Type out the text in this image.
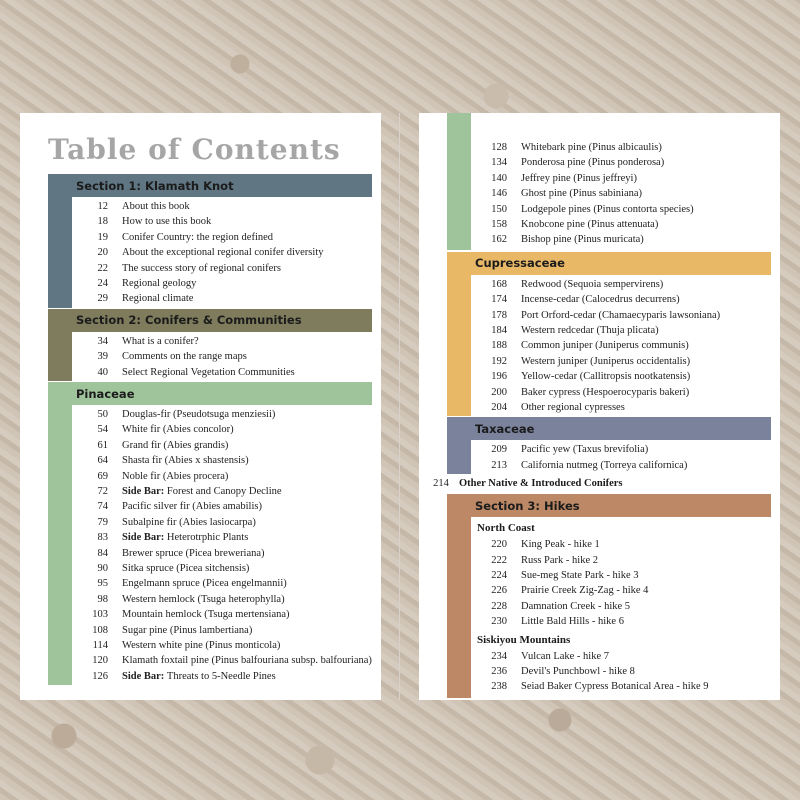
Table of Contents
Section 1: Klamath Knot
12 About this book
18 How to use this book
19 Conifer Country: the region defined
20 About the exceptional regional conifer diversity
22 The success story of regional conifers
24 Regional geology
29 Regional climate
Section 2: Conifers & Communities
34 What is a conifer?
39 Comments on the range maps
40 Select Regional Vegetation Communities
Pinaceae
50 Douglas-fir (Pseudotsuga menziesii)
54 White fir (Abies concolor)
61 Grand fir (Abies grandis)
64 Shasta fir (Abies x shastensis)
69 Noble fir (Abies procera)
72 Side Bar: Forest and Canopy Decline
74 Pacific silver fir (Abies amabilis)
79 Subalpine fir (Abies lasiocarpa)
83 Side Bar: Heterotrphic Plants
84 Brewer spruce (Picea breweriana)
90 Sitka spruce (Picea sitchensis)
95 Engelmann spruce (Picea engelmannii)
98 Western hemlock (Tsuga heterophylla)
103 Mountain hemlock (Tsuga mertensiana)
108 Sugar pine (Pinus lambertiana)
114 Western white pine (Pinus monticola)
120 Klamath foxtail pine (Pinus balfouriana subsp. balfouriana)
126 Side Bar: Threats to 5-Needle Pines
128 Whitebark pine (Pinus albicaulis)
134 Ponderosa pine (Pinus ponderosa)
140 Jeffrey pine (Pinus jeffreyi)
146 Ghost pine (Pinus sabiniana)
150 Lodgepole pines (Pinus contorta species)
158 Knobcone pine (Pinus attenuata)
162 Bishop pine (Pinus muricata)
Cupressaceae
168 Redwood (Sequoia sempervirens)
174 Incense-cedar (Calocedrus decurrens)
178 Port Orford-cedar (Chamaecyparis lawsoniana)
184 Western redcedar (Thuja plicata)
188 Common juniper (Juniperus communis)
192 Western juniper (Juniperus occidentalis)
196 Yellow-cedar (Callitropsis nootkatensis)
200 Baker cypress (Hespoerocyparis bakeri)
204 Other regional cypresses
Taxaceae
209 Pacific yew (Taxus brevifolia)
213 California nutmeg (Torreya californica)
214 Other Native & Introduced Conifers
Section 3: Hikes
North Coast
220 King Peak - hike 1
222 Russ Park - hike 2
224 Sue-meg State Park - hike 3
226 Prairie Creek Zig-Zag - hike 4
228 Damnation Creek - hike 5
230 Little Bald Hills - hike 6
Siskiyou Mountains
234 Vulcan Lake - hike 7
236 Devil's Punchbowl - hike 8
238 Seiad Baker Cypress Botanical Area - hike 9
